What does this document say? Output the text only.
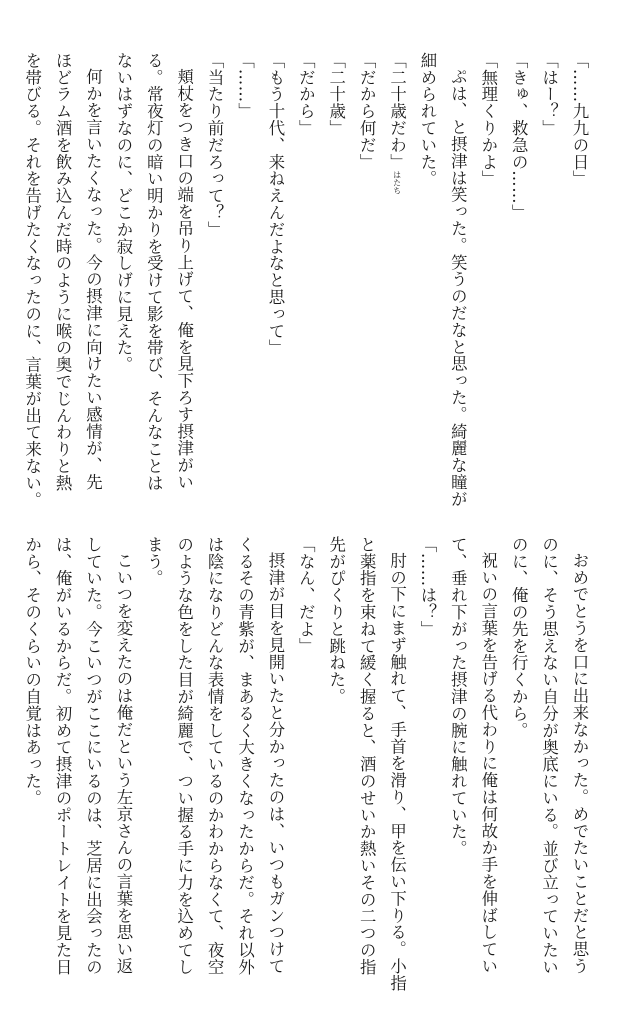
「……九九の日」
「はー？」
「きゅ、救急の……」
「無理くりかよ」
ぷは、と摂津は笑った。笑うのだなと思った。綺麗な瞳が
細められていた。
「二十歳だわ」はたち
「だから何だ」
「二十歳」
「だから」
「もう十代、来ねえんだよなと思って」
「……」
「当たり前だろって？」
頬杖をつき口の端を吊り上げて、俺を見下ろす摂津がい
る。常夜灯の暗い明かりを受けて影を帯び、そんなことは
ないはずなのに、どこか寂しげに見えた。
何かを言いたくなった。今の摂津に向けたい感情が、先
ほどラム酒を飲み込んだ時のように喉の奥でじんわりと熱
を帯びる。それを告げたくなったのに、言葉が出て来ない。
おめでとうを口に出来なかった。めでたいことだと思う
のに、そう思えない自分が奥底にいる。並び立っていたい
のに、俺の先を行くから。
祝いの言葉を告げる代わりに俺は何故か手を伸ばしてい
て、垂れ下がった摂津の腕に触れていた。
「……は？」
肘の下にまず触れて、手首を滑り、甲を伝い下りる。小指
と薬指を束ねて緩く握ると、酒のせいか熱いその二つの指
先がぴくりと跳ねた。
「なん、だよ」
摂津が目を見開いたと分かったのは、いつもガンつけて
くるその青紫が、まあるく大きくなったからだ。それ以外
は陰になりどんな表情をしているのかわからなくて、夜空
のような色をした目が綺麗で、つい握る手に力を込めてし
まう。
こいつを変えたのは俺だという左京さんの言葉を思い返
していた。今こいつがここにいるのは、芝居に出会ったの
は、俺がいるからだ。初めて摂津のポートレイトを見た日
から、そのくらいの自覚はあった。
